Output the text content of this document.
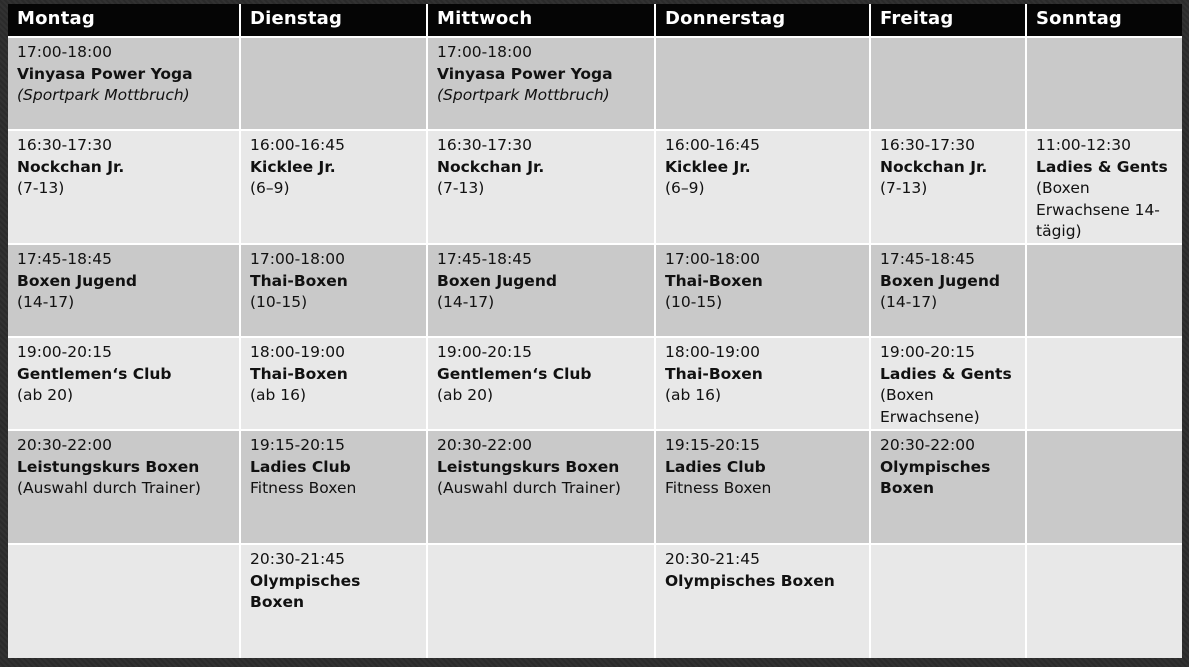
Montag	Dienstag	Mittwoch	Donnerstag	Freitag	Sonntag

17:00-18:00
Vinyasa Power Yoga
(Sportpark Mottbruch)		17:00-18:00
Vinyasa Power Yoga
(Sportpark Mottbruch)			

16:30-17:30
Nockchan Jr.
(7-13)	16:00-16:45
Kicklee Jr.
(6–9)	16:30-17:30
Nockchan Jr.
(7-13)	16:00-16:45
Kicklee Jr.
(6–9)	16:30-17:30
Nockchan Jr.
(7-13)	11:00-12:30
Ladies & Gents
(Boxen Erwachsene 14-tägig)

17:45-18:45
Boxen Jugend
(14-17)	17:00-18:00
Thai-Boxen
(10-15)	17:45-18:45
Boxen Jugend
(14-17)	17:00-18:00
Thai-Boxen
(10-15)	17:45-18:45
Boxen Jugend
(14-17)	

19:00-20:15
Gentlemen‘s Club
(ab 20)	18:00-19:00
Thai-Boxen
(ab 16)	19:00-20:15
Gentlemen‘s Club
(ab 20)	18:00-19:00
Thai-Boxen
(ab 16)	19:00-20:15
Ladies & Gents
(Boxen Erwachsene)	

20:30-22:00
Leistungskurs Boxen
(Auswahl durch Trainer)	19:15-20:15
Ladies Club
Fitness Boxen	20:30-22:00
Leistungskurs Boxen
(Auswahl durch Trainer)	19:15-20:15
Ladies Club
Fitness Boxen	20:30-22:00
Olympisches Boxen	

	20:30-21:45
Olympisches Boxen		20:30-21:45
Olympisches Boxen		
